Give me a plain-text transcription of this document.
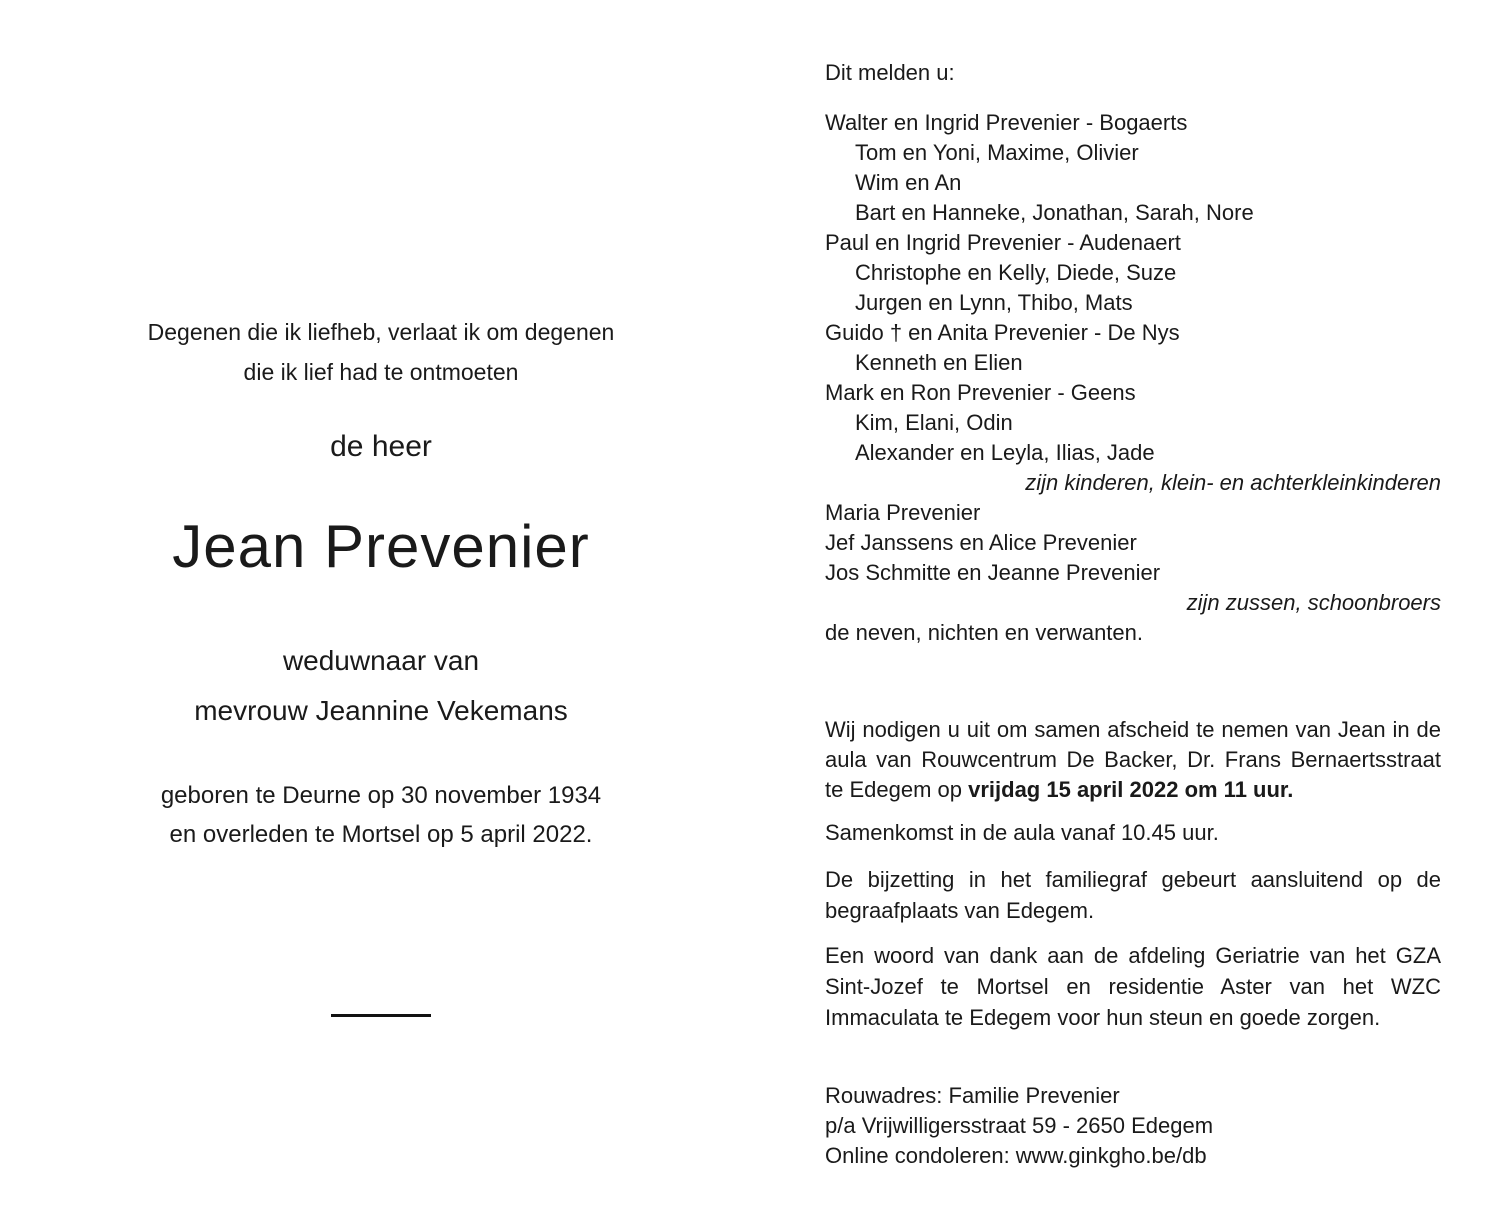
Degenen die ik liefheb, verlaat ik om degenen
die ik lief had te ontmoeten
de heer
Jean Prevenier
weduwnaar van
mevrouw Jeannine Vekemans
geboren te Deurne op 30 november 1934
en overleden te Mortsel op 5 april 2022.
Dit melden u:
Walter en Ingrid Prevenier - Bogaerts
Tom en Yoni, Maxime, Olivier
Wim en An
Bart en Hanneke, Jonathan, Sarah, Nore
Paul en Ingrid Prevenier - Audenaert
Christophe en Kelly, Diede, Suze
Jurgen en Lynn, Thibo, Mats
Guido † en Anita Prevenier - De Nys
Kenneth en Elien
Mark en Ron Prevenier - Geens
Kim, Elani, Odin
Alexander en Leyla, Ilias, Jade
zijn kinderen, klein- en achterkleinkinderen
Maria Prevenier
Jef Janssens en Alice Prevenier
Jos Schmitte en Jeanne Prevenier
zijn zussen, schoonbroers
de neven, nichten en verwanten.
Wij nodigen u uit om samen afscheid te nemen van Jean in de aula van Rouwcentrum De Backer, Dr. Frans Bernaertsstraat te Edegem op vrijdag 15 april 2022 om 11 uur.
Samenkomst in de aula vanaf 10.45 uur.
De bijzetting in het familiegraf gebeurt aansluitend op de begraafplaats van Edegem.
Een woord van dank aan de afdeling Geriatrie van het GZA Sint-Jozef te Mortsel en residentie Aster van het WZC Immaculata te Edegem voor hun steun en goede zorgen.
Rouwadres: Familie Prevenier
p/a Vrijwilligersstraat 59 - 2650 Edegem
Online condoleren: www.ginkgho.be/db
